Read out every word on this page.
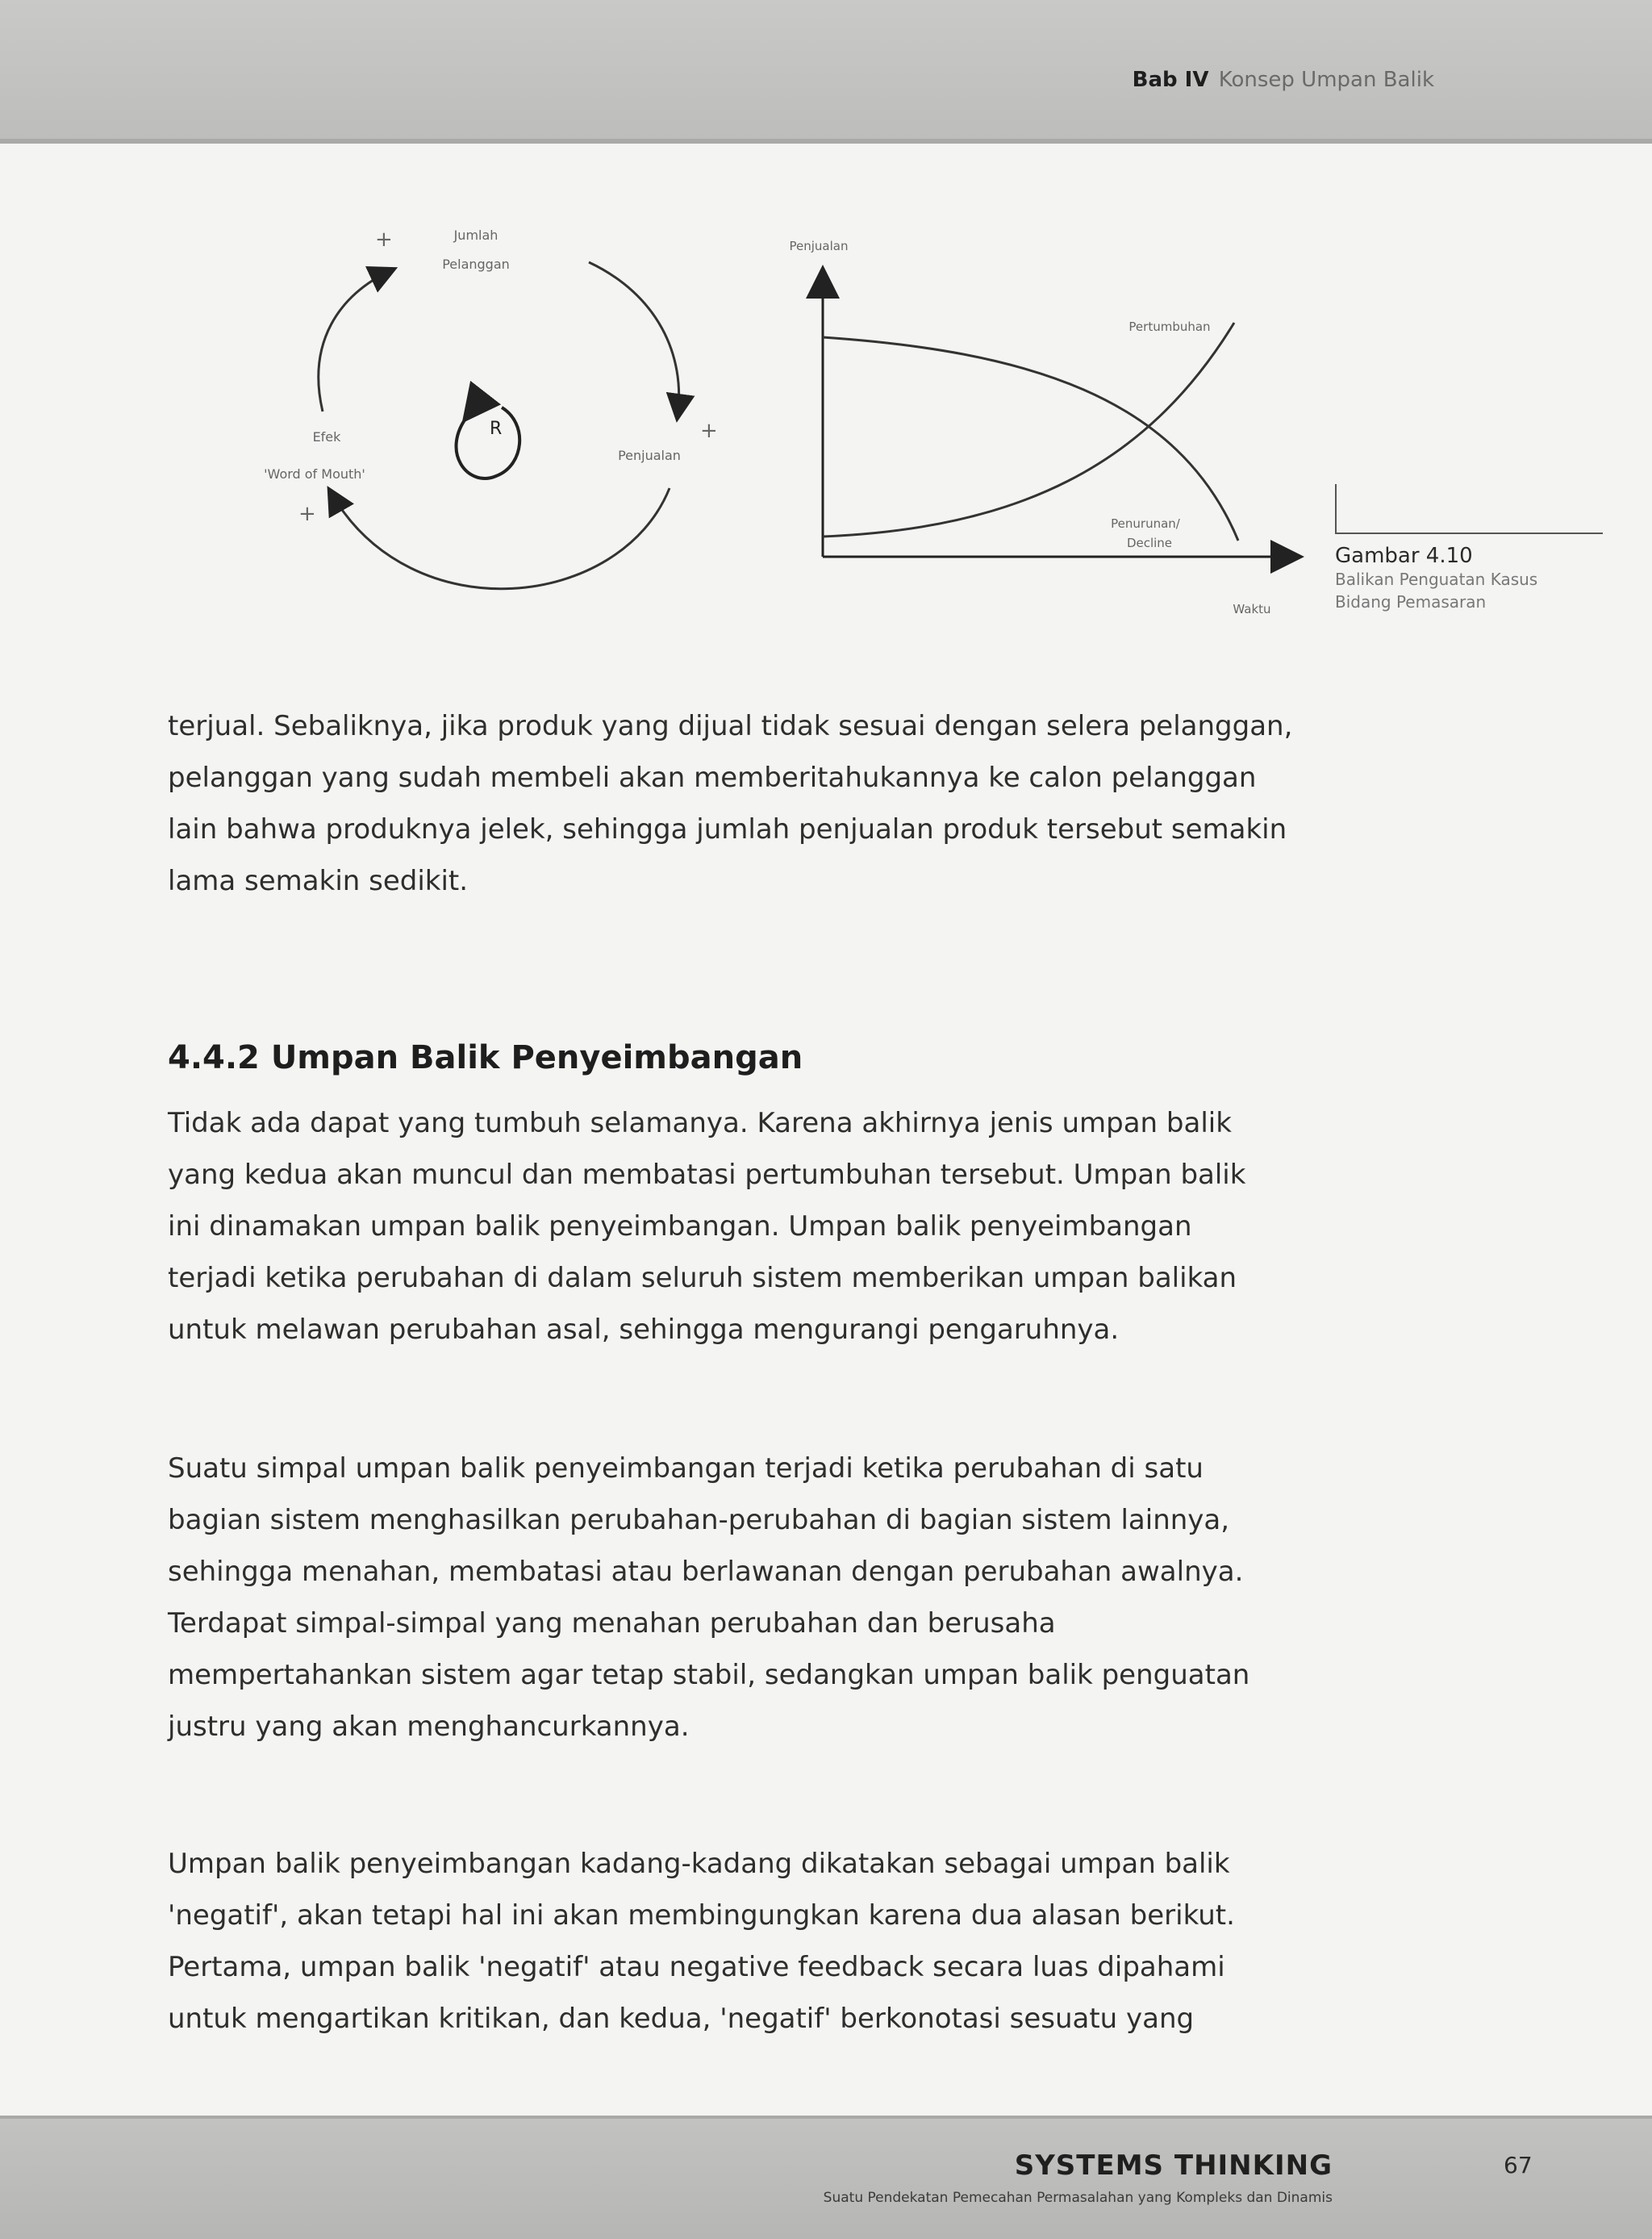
Bab IV Konsep Umpan Balik
+
+
+
R
Jumlah
Pelanggan
Penjualan
Efek
'Word of Mouth'
Penjualan
Waktu
Pertumbuhan
Penurunan/
Decline
Gambar 4.10
Balikan Penguatan Kasus
Bidang Pemasaran
terjual. Sebaliknya, jika produk yang dijual tidak sesuai dengan selera pelanggan,
pelanggan yang sudah membeli akan memberitahukannya ke calon pelanggan
lain bahwa produknya jelek, sehingga jumlah penjualan produk tersebut semakin
lama semakin sedikit.
4.4.2 Umpan Balik Penyeimbangan
Tidak ada dapat yang tumbuh selamanya. Karena akhirnya jenis umpan balik
yang kedua akan muncul dan membatasi pertumbuhan tersebut. Umpan balik
ini dinamakan umpan balik penyeimbangan. Umpan balik penyeimbangan
terjadi ketika perubahan di dalam seluruh sistem memberikan umpan balikan
untuk melawan perubahan asal, sehingga mengurangi pengaruhnya.
Suatu simpal umpan balik penyeimbangan terjadi ketika perubahan di satu
bagian sistem menghasilkan perubahan-perubahan di bagian sistem lainnya,
sehingga menahan, membatasi atau berlawanan dengan perubahan awalnya.
Terdapat simpal-simpal yang menahan perubahan dan berusaha
mempertahankan sistem agar tetap stabil, sedangkan umpan balik penguatan
justru yang akan menghancurkannya.
Umpan balik penyeimbangan kadang-kadang dikatakan sebagai umpan balik
'negatif', akan tetapi hal ini akan membingungkan karena dua alasan berikut.
Pertama, umpan balik 'negatif' atau negative feedback secara luas dipahami
untuk mengartikan kritikan, dan kedua, 'negatif' berkonotasi sesuatu yang
SYSTEMS THINKING
Suatu Pendekatan Pemecahan Permasalahan yang Kompleks dan Dinamis
67
